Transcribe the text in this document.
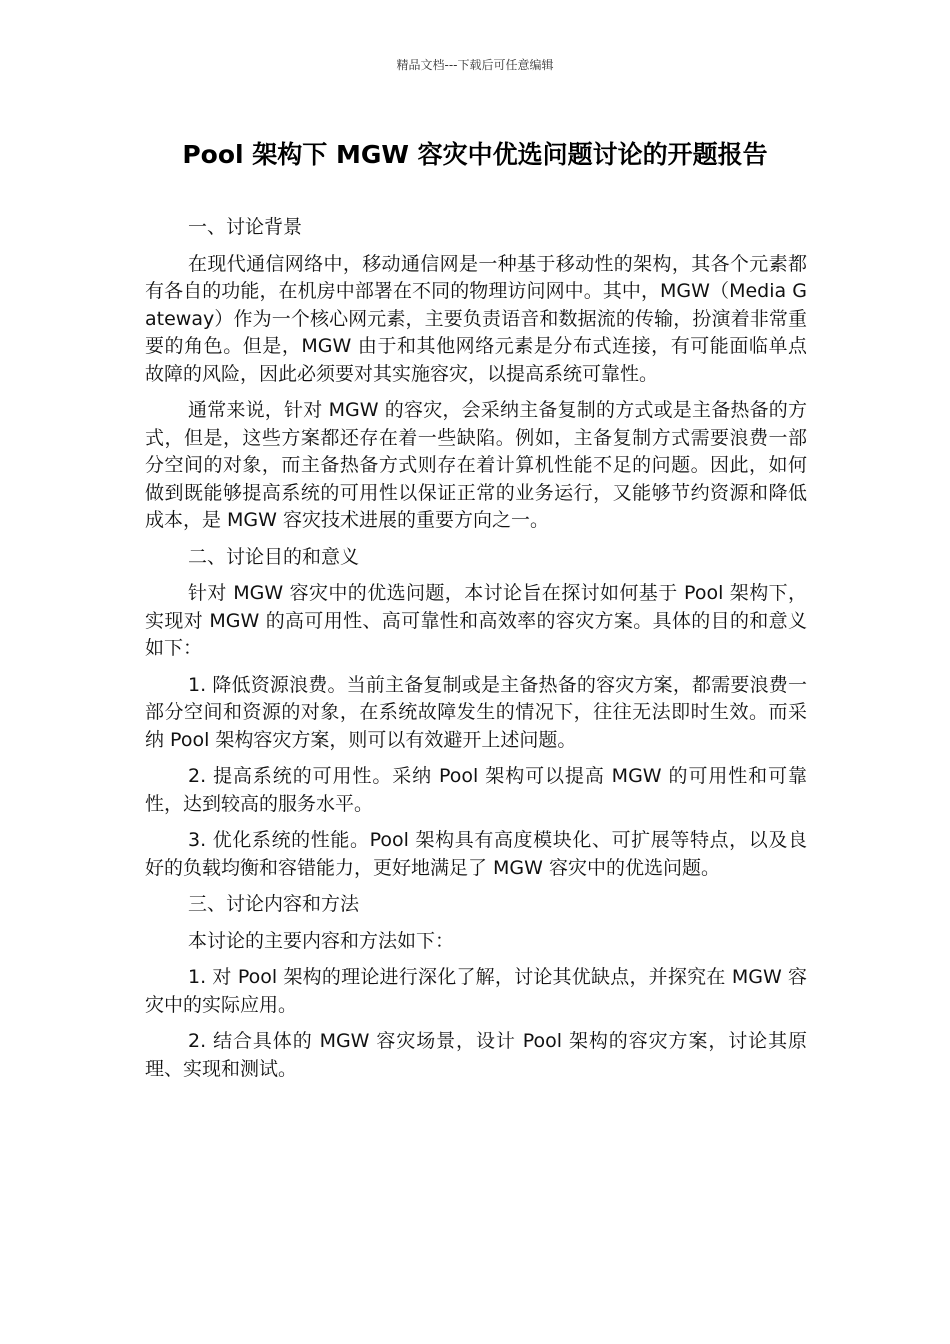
精品文档---下载后可任意编辑
Pool 架构下 MGW 容灾中优选问题讨论的开题报告

一、讨论背景

在现代通信网络中，移动通信网是一种基于移动性的架构，其各个元素都有各自的功能，在机房中部署在不同的物理访问网中。其中，MGW（Media Gateway）作为一个核心网元素，主要负责语音和数据流的传输，扮演着非常重要的角色。但是，MGW 由于和其他网络元素是分布式连接，有可能面临单点故障的风险，因此必须要对其实施容灾，以提高系统可靠性。

通常来说，针对 MGW 的容灾，会采纳主备复制的方式或是主备热备的方式，但是，这些方案都还存在着一些缺陷。例如，主备复制方式需要浪费一部分空间的对象，而主备热备方式则存在着计算机性能不足的问题。因此，如何做到既能够提高系统的可用性以保证正常的业务运行，又能够节约资源和降低成本，是 MGW 容灾技术进展的重要方向之一。

二、讨论目的和意义

针对 MGW 容灾中的优选问题，本讨论旨在探讨如何基于 Pool 架构下，实现对 MGW 的高可用性、高可靠性和高效率的容灾方案。具体的目的和意义如下：

1. 降低资源浪费。当前主备复制或是主备热备的容灾方案，都需要浪费一部分空间和资源的对象，在系统故障发生的情况下，往往无法即时生效。而采纳 Pool 架构容灾方案，则可以有效避开上述问题。

2. 提高系统的可用性。采纳 Pool 架构可以提高 MGW 的可用性和可靠性，达到较高的服务水平。

3. 优化系统的性能。Pool 架构具有高度模块化、可扩展等特点，以及良好的负载均衡和容错能力，更好地满足了 MGW 容灾中的优选问题。

三、讨论内容和方法

本讨论的主要内容和方法如下：

1. 对 Pool 架构的理论进行深化了解，讨论其优缺点，并探究在 MGW 容灾中的实际应用。

2. 结合具体的 MGW 容灾场景，设计 Pool 架构的容灾方案，讨论其原理、实现和测试。
